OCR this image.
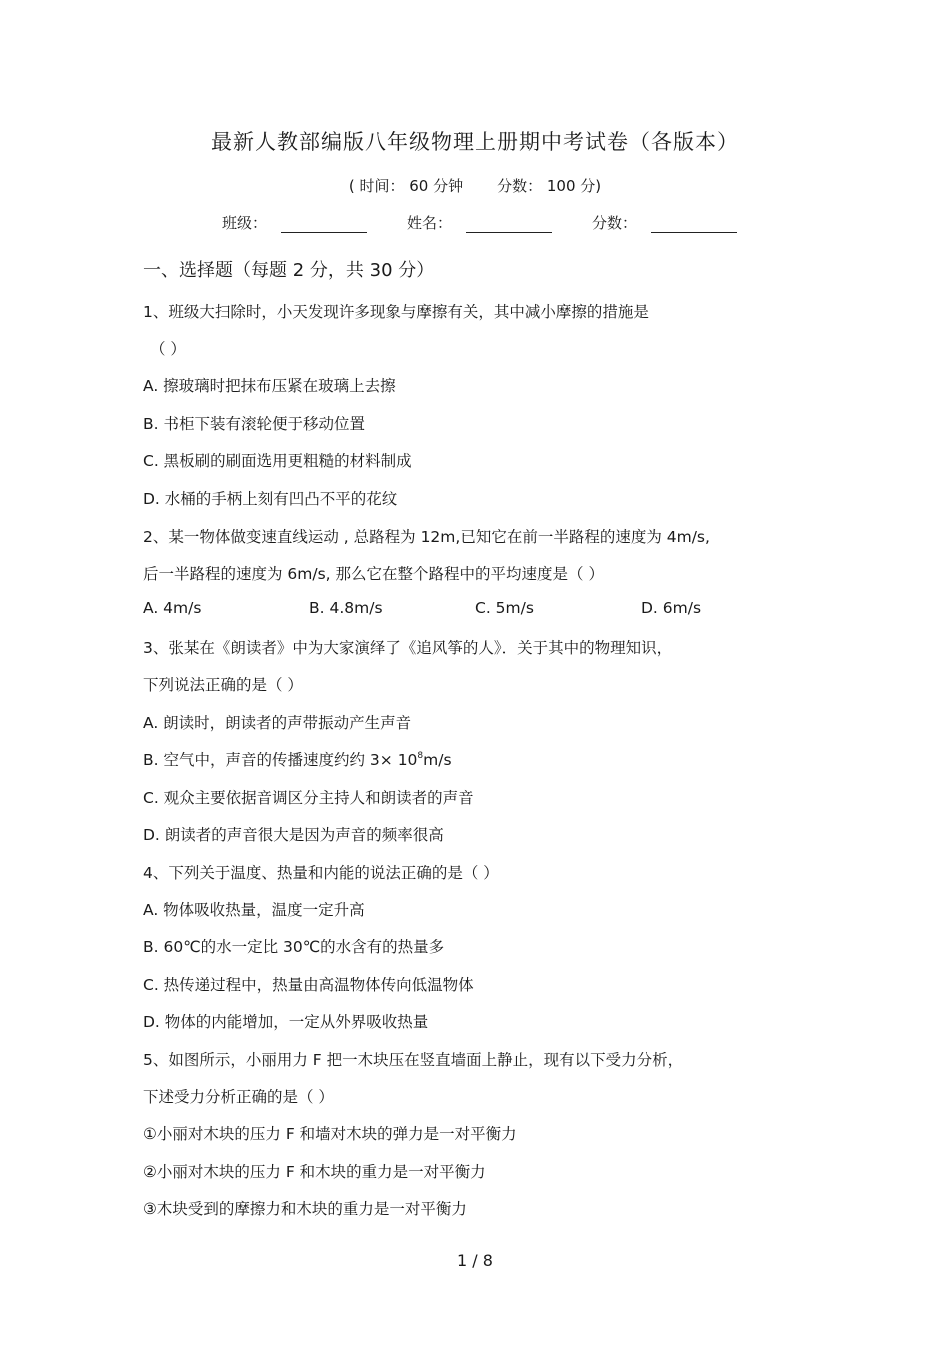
最新人教部编版八年级物理上册期中考试卷（各版本）
( 时间： 60 分钟 分数： 100 分)
班级：	姓名：	分数：
一、选择题（每题 2 分，共 30 分）
1、班级大扫除时，小天发现许多现象与摩擦有关，其中减小摩擦的措施是
（ ）
A. 擦玻璃时把抹布压紧在玻璃上去擦
B. 书柜下装有滚轮便于移动位置
C. 黑板刷的刷面选用更粗糙的材料制成
D. 水桶的手柄上刻有凹凸不平的花纹
2、某一物体做变速直线运动 , 总路程为 12m,已知它在前一半路程的速度为 4m/s,
后一半路程的速度为 6m/s, 那么它在整个路程中的平均速度是（ ）
A. 4m/s	B. 4.8m/s	C. 5m/s	D. 6m/s
3、张某在《朗读者》中为大家演绎了《追风筝的人》．关于其中的物理知识，
下列说法正确的是（ ）
A. 朗读时，朗读者的声带振动产生声音
B. 空气中，声音的传播速度约约 $3\times 10^8m/s$
C. 观众主要依据音调区分主持人和朗读者的声音
D. 朗读者的声音很大是因为声音的频率很高
4、下列关于温度、热量和内能的说法正确的是（ ）
A. 物体吸收热量，温度一定升高
B. 60℃的水一定比 30℃的水含有的热量多
C. 热传递过程中，热量由高温物体传向低温物体
D. 物体的内能增加，一定从外界吸收热量
5、如图所示，小丽用力 F 把一木块压在竖直墙面上静止，现有以下受力分析，
下述受力分析正确的是（ ）
①小丽对木块的压力 F 和墙对木块的弹力是一对平衡力
②小丽对木块的压力 F 和木块的重力是一对平衡力
③木块受到的摩擦力和木块的重力是一对平衡力
1 / 8
